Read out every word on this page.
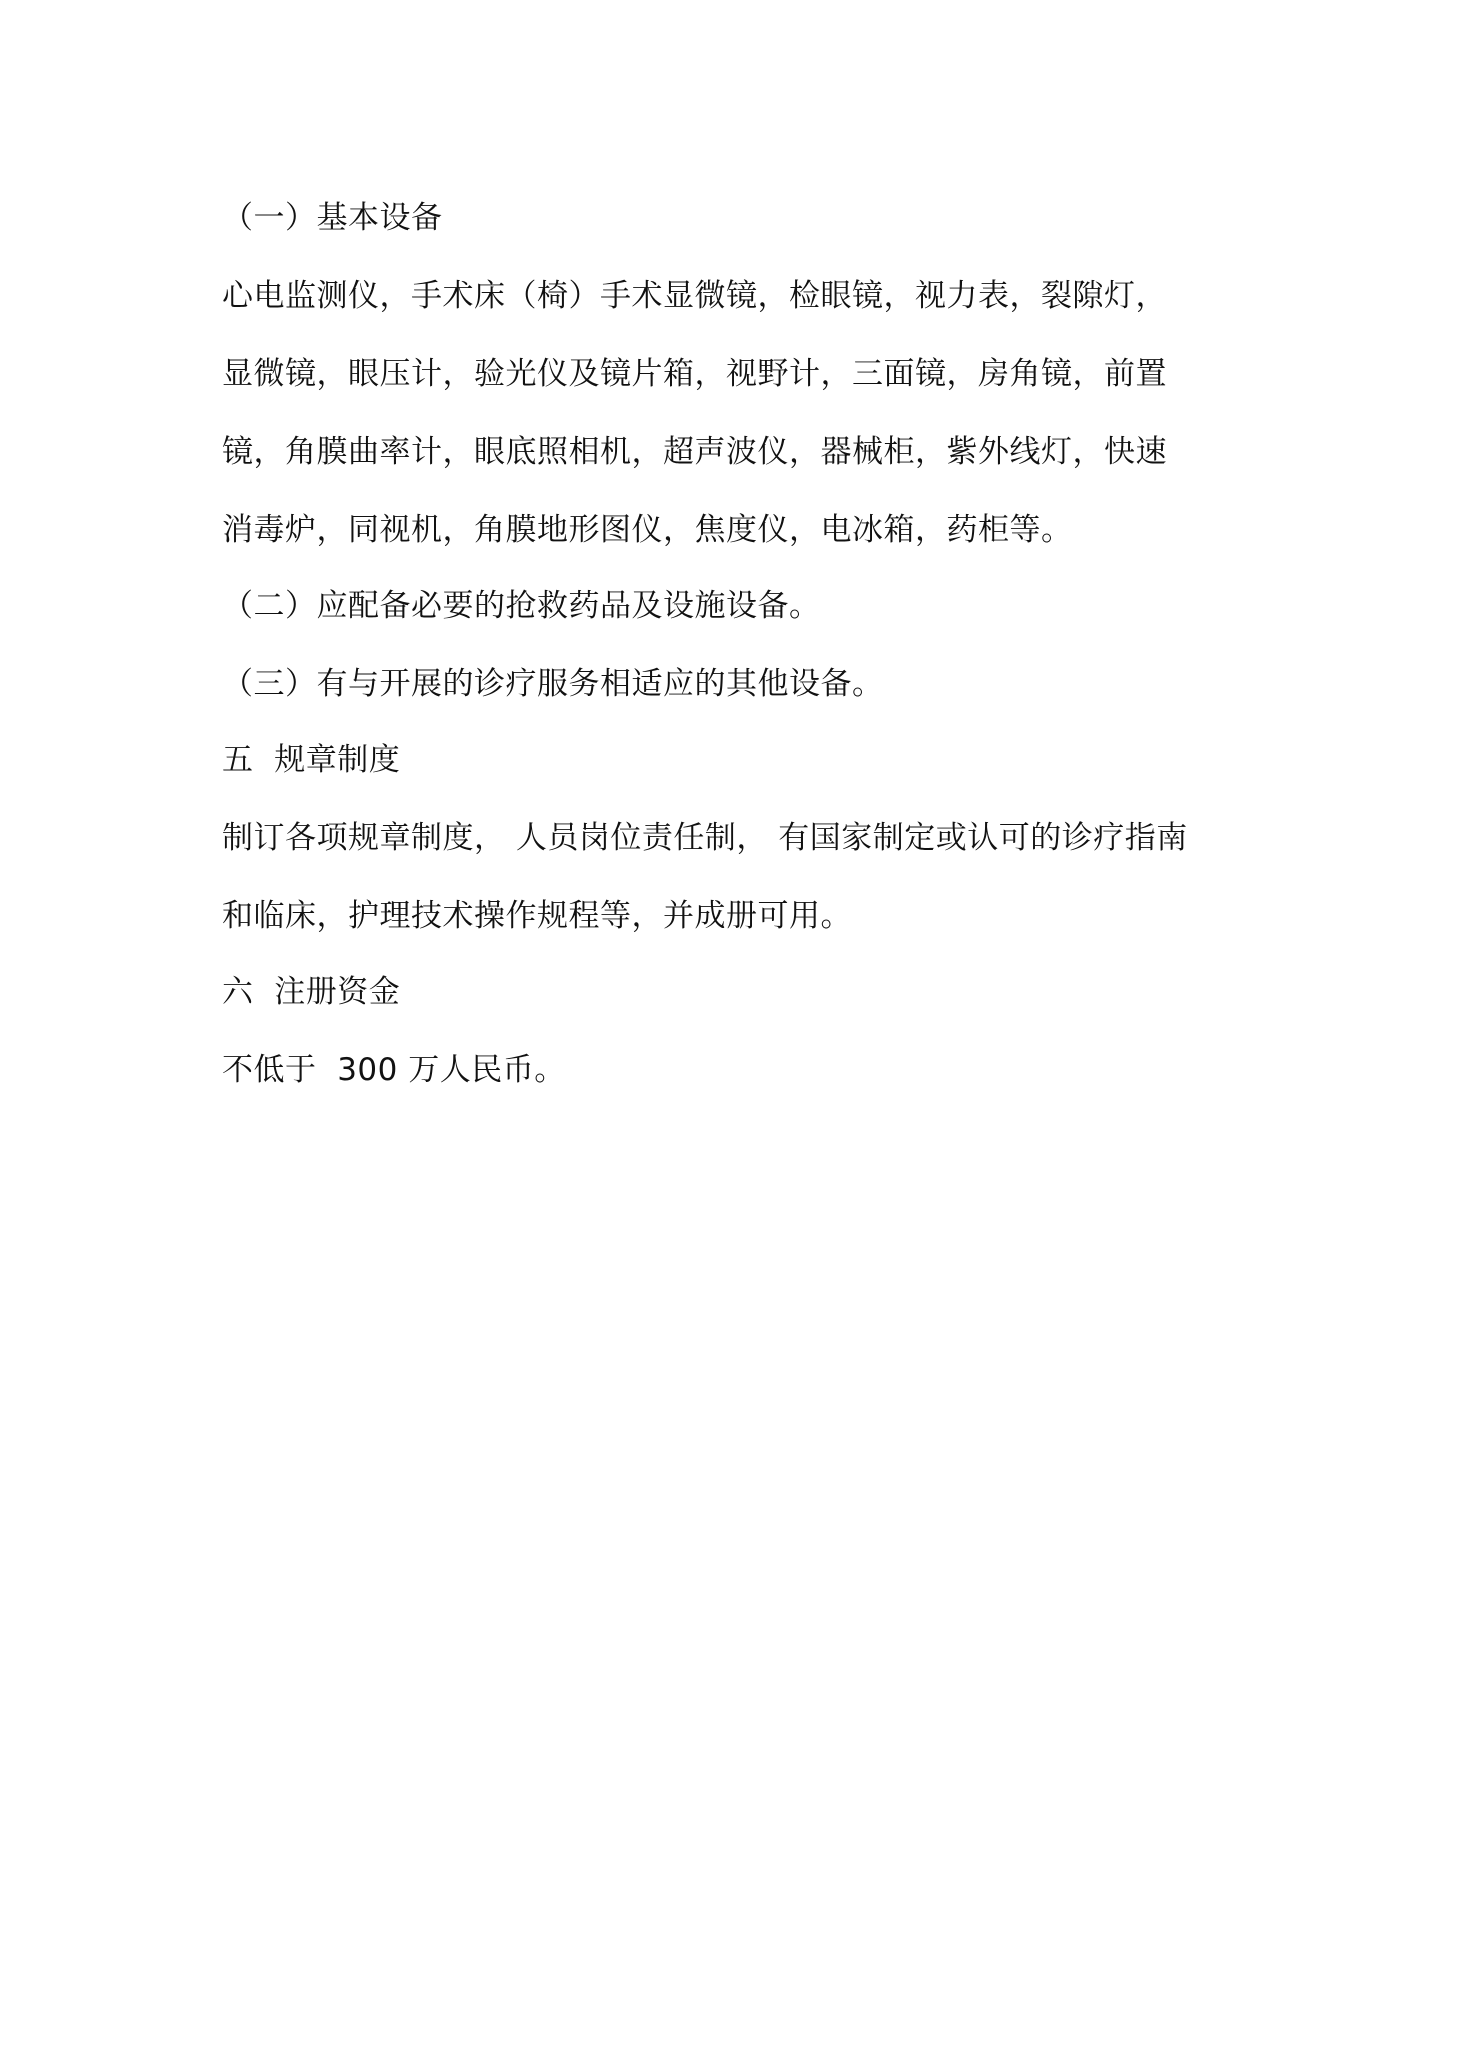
（一）基本设备
心电监测仪，手术床（椅）手术显微镜，检眼镜，视力表，裂隙灯，
显微镜，眼压计，验光仪及镜片箱，视野计，三面镜，房角镜，前置
镜，角膜曲率计，眼底照相机，超声波仪，器械柜，紫外线灯，快速
消毒炉，同视机，角膜地形图仪，焦度仪，电冰箱，药柜等。
（二）应配备必要的抢救药品及设施设备。
（三）有与开展的诊疗服务相适应的其他设备。
五  规章制度
制订各项规章制度， 人员岗位责任制， 有国家制定或认可的诊疗指南
和临床，护理技术操作规程等，并成册可用。
六  注册资金
不低于  300 万人民币。
